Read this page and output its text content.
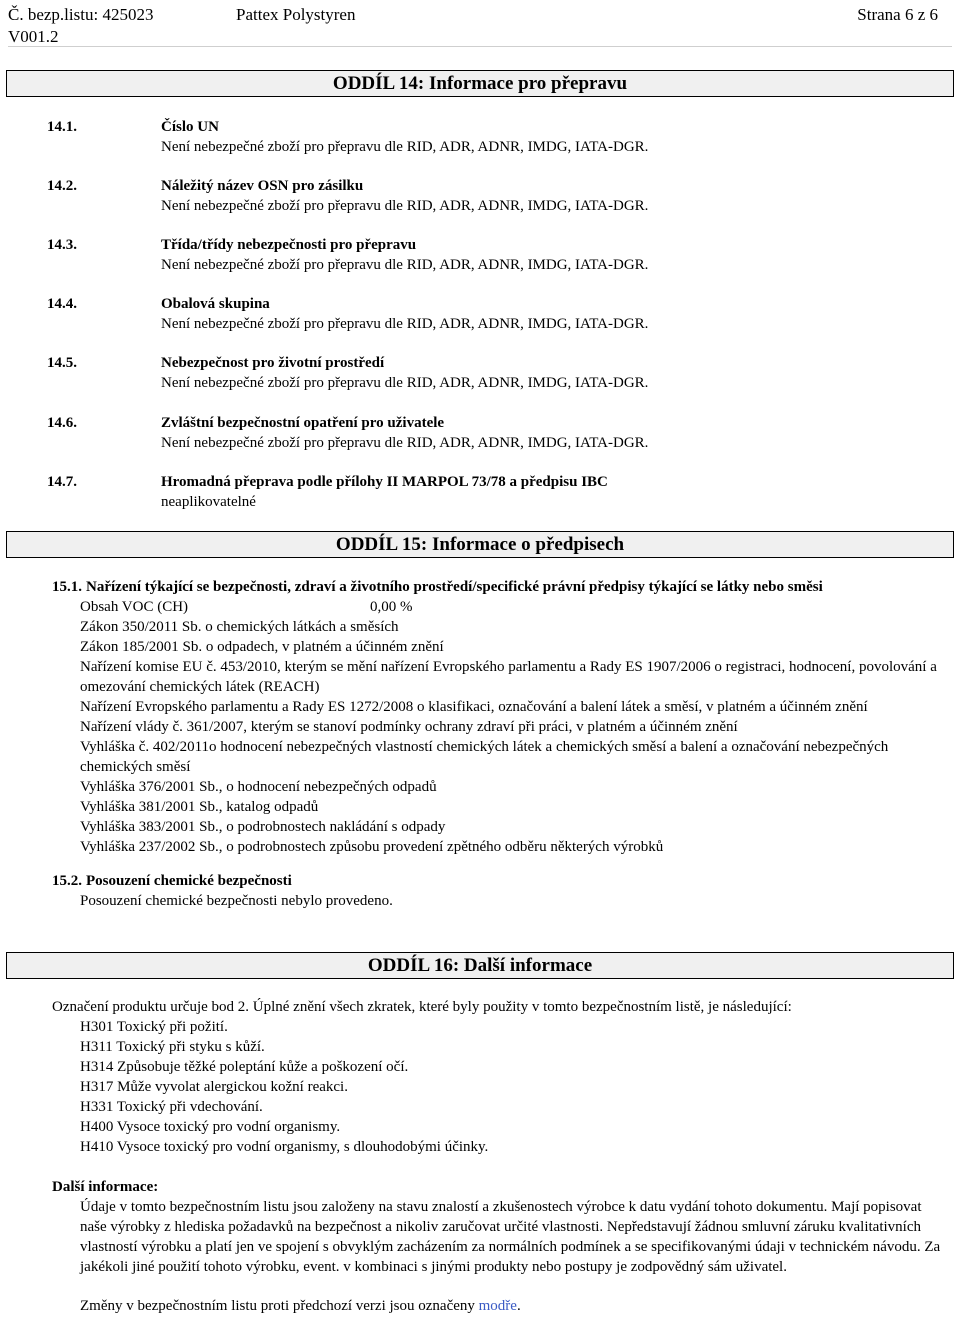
Č. bezp.listu: 425023	Pattex Polystyren	Strana 6 z 6
V001.2
ODDÍL 14: Informace pro přepravu
14.1.	Číslo UN
Není nebezpečné zboží pro přepravu dle RID, ADR, ADNR, IMDG, IATA-DGR.
14.2.	Náležitý název OSN pro zásilku
Není nebezpečné zboží pro přepravu dle RID, ADR, ADNR, IMDG, IATA-DGR.
14.3.	Třída/třídy nebezpečnosti pro přepravu
Není nebezpečné zboží pro přepravu dle RID, ADR, ADNR, IMDG, IATA-DGR.
14.4.	Obalová skupina
Není nebezpečné zboží pro přepravu dle RID, ADR, ADNR, IMDG, IATA-DGR.
14.5.	Nebezpečnost pro životní prostředí
Není nebezpečné zboží pro přepravu dle RID, ADR, ADNR, IMDG, IATA-DGR.
14.6.	Zvláštní bezpečnostní opatření pro uživatele
Není nebezpečné zboží pro přepravu dle RID, ADR, ADNR, IMDG, IATA-DGR.
14.7.	Hromadná přeprava podle přílohy II MARPOL 73/78 a předpisu IBC
neaplikovatelné
ODDÍL 15: Informace o předpisech
15.1. Nařízení týkající se bezpečnosti, zdraví a životního prostředí/specifické právní předpisy týkající se látky nebo směsi
Obsah VOC (CH)	0,00 %
Zákon 350/2011 Sb. o chemických látkách a směsích
Zákon 185/2001 Sb. o odpadech, v platném a účinném znění
Nařízení komise EU č. 453/2010, kterým se mění nařízení Evropského parlamentu a Rady ES 1907/2006 o registraci, hodnocení, povolování a omezování chemických látek (REACH)
Nařízení Evropského parlamentu a Rady ES 1272/2008 o klasifikaci, označování a balení látek a směsí, v platném a účinném znění
Nařízení vlády č. 361/2007, kterým se stanoví podmínky ochrany zdraví při práci, v platném a účinném znění
Vyhláška č. 402/2011o hodnocení nebezpečných vlastností chemických látek a chemických směsí a balení a označování nebezpečných chemických směsí
Vyhláška 376/2001 Sb., o hodnocení nebezpečných odpadů
Vyhláška 381/2001 Sb., katalog odpadů
Vyhláška 383/2001 Sb., o podrobnostech nakládání s odpady
Vyhláška 237/2002 Sb., o podrobnostech způsobu provedení zpětného odběru některých výrobků
15.2. Posouzení chemické bezpečnosti
Posouzení chemické bezpečnosti nebylo provedeno.
ODDÍL 16: Další informace
Označení produktu určuje bod 2. Úplné znění všech zkratek, které byly použity v tomto bezpečnostním listě, je následující:
H301 Toxický při požití.
H311 Toxický při styku s kůží.
H314 Způsobuje těžké poleptání kůže a poškození očí.
H317 Může vyvolat alergickou kožní reakci.
H331 Toxický při vdechování.
H400 Vysoce toxický pro vodní organismy.
H410 Vysoce toxický pro vodní organismy, s dlouhodobými účinky.
Další informace:
Údaje v tomto bezpečnostním listu jsou založeny na stavu znalostí a zkušenostech výrobce k datu vydání tohoto dokumentu. Mají popisovat naše výrobky z hlediska požadavků na bezpečnost a nikoliv zaručovat určité vlastnosti. Nepředstavují žádnou smluvní záruku kvalitativních vlastností výrobku a platí jen ve spojení s obvyklým zacházením za normálních podmínek a se specifikovanými údaji v technickém návodu. Za jakékoli jiné použití tohoto výrobku, event. v kombinaci s jinými produkty nebo postupy je zodpovědný sám uživatel.
Změny v bezpečnostním listu proti předchozí verzi jsou označeny modře.
